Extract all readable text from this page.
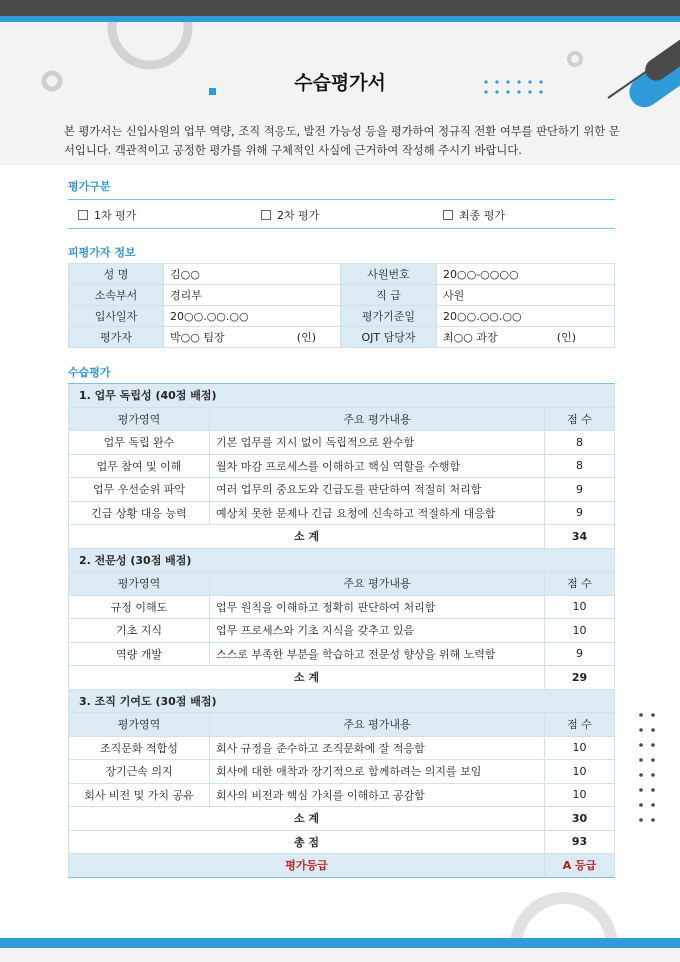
수습평가서
본 평가서는 신입사원의 업무 역량, 조직 적응도, 발전 가능성 등을 평가하여 정규직 전환 여부를 판단하기 위한 문서입니다. 객관적이고 공정한 평가를 위해 구체적인 사실에 근거하여 작성해 주시기 바랍니다.
평가구분
1차 평가	2차 평가	최종 평가
피평가자 정보
성 명	김○○	사원번호	20○○-○○○○
소속부서	경리부	직 급	사원
입사일자	20○○.○○.○○	평가기준일	20○○.○○.○○
평가자	박○○ 팀장 (인)	OJT 담당자	최○○ 과장 (인)
수습평가
1. 업무 독립성 (40점 배점)		
평가영역	주요 평가내용	점 수
업무 독립 완수	기본 업무를 지시 없이 독립적으로 완수함	8
업무 참여 및 이해	월차 마감 프로세스를 이해하고 핵심 역할을 수행함	8
업무 우선순위 파악	여러 업무의 중요도와 긴급도를 판단하여 적절히 처리함	9
긴급 상황 대응 능력	예상치 못한 문제나 긴급 요청에 신속하고 적절하게 대응함	9
소 계		34
2. 전문성 (30점 배점)		
평가영역	주요 평가내용	점 수
규정 이해도	업무 원칙을 이해하고 정확히 판단하여 처리함	10
기초 지식	업무 프로세스와 기초 지식을 갖추고 있음	10
역량 개발	스스로 부족한 부분을 학습하고 전문성 향상을 위해 노력함	9
소 계		29
3. 조직 기여도 (30점 배점)		
평가영역	주요 평가내용	점 수
조직문화 적합성	회사 규정을 준수하고 조직문화에 잘 적응함	10
장기근속 의지	회사에 대한 애착과 장기적으로 함께하려는 의지를 보임	10
회사 비전 및 가치 공유	회사의 비전과 핵심 가치를 이해하고 공감함	10
소 계		30
총 점		93
평가등급		A 등급
